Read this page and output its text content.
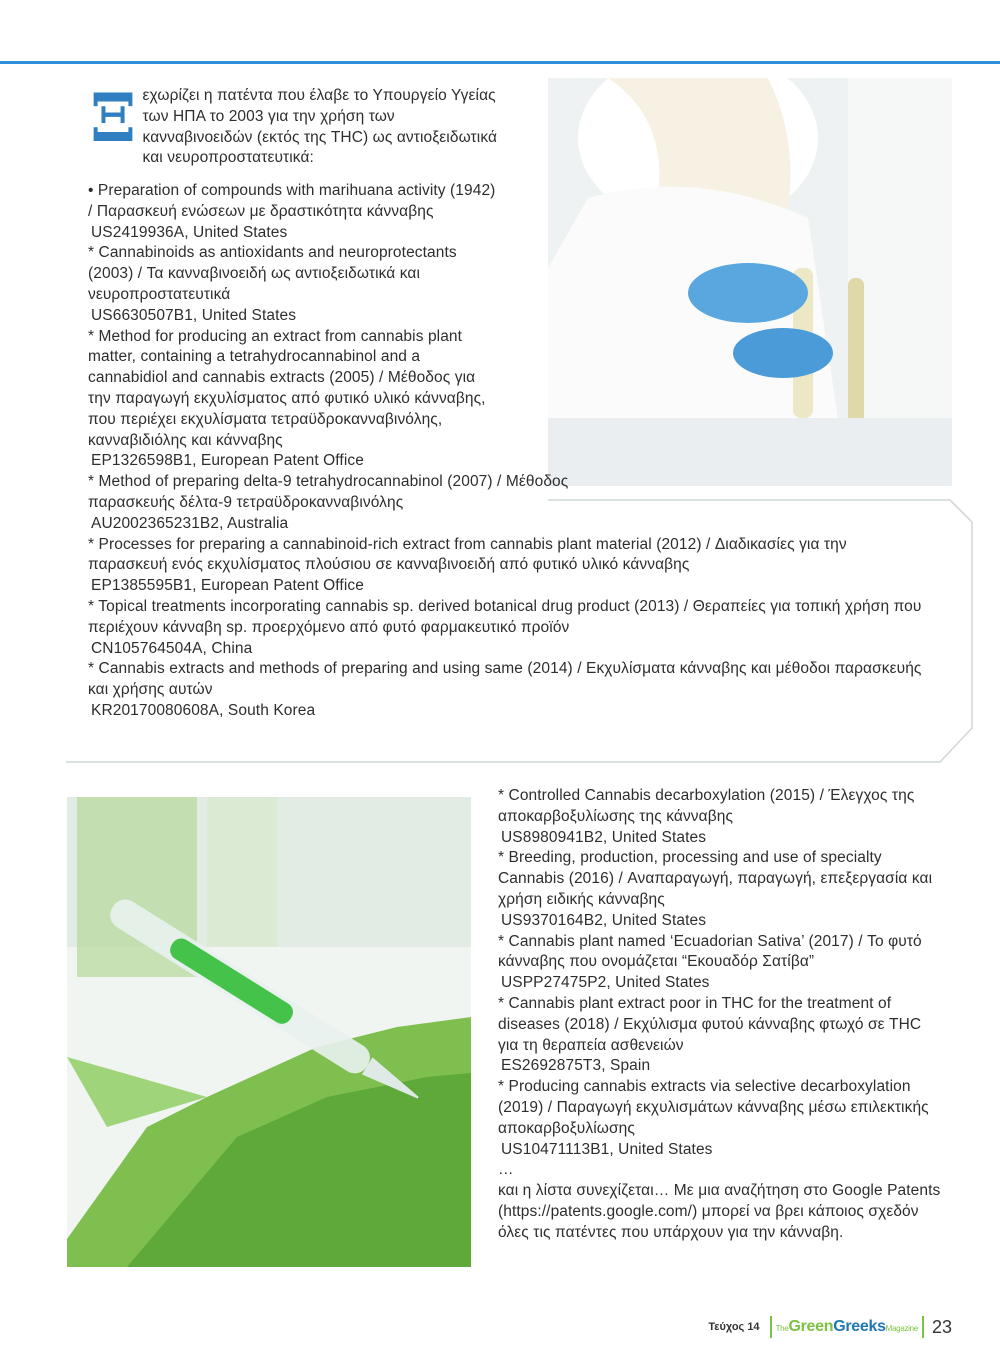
Ξ εχωρίζει η πατέντα που έλαβε το Υπουργείο Υγείας των ΗΠΑ το 2003 για την χρήση των κανναβινοειδών (εκτός της THC) ως αντιοξειδωτικά και νευροπροστατευτικά:

• Preparation of compounds with marihuana activity (1942) / Παρασκευή ενώσεων με δραστικότητα κάνναβης

US2419936A, United States

* Cannabinoids as antioxidants and neuroprotectants (2003) / Τα κανναβινοειδή ως αντιοξειδωτικά και νευροπροστατευτικά

US6630507B1, United States

* Method for producing an extract from cannabis plant matter, containing a tetrahydrocannabinol and a cannabidiol and cannabis extracts (2005) / Μέθοδος για την παραγωγή εκχυλίσματος από φυτικό υλικό κάνναβης, που περιέχει εκχυλίσματα τετραϋδροκανναβινόλης, κανναβιδιόλης και κάνναβης

EP1326598B1, European Patent Office

* Method of preparing delta-9 tetrahydrocannabinol (2007) / Μέθοδος παρασκευής δέλτα-9 τετραϋδροκανναβινόλης

AU2002365231B2, Australia

* Processes for preparing a cannabinoid-rich extract from cannabis plant material (2012) / Διαδικασίες για την παρασκευή ενός εκχυλίσματος πλούσιου σε κανναβινοειδή από φυτικό υλικό κάνναβης

EP1385595B1, European Patent Office

* Topical treatments incorporating cannabis sp. derived botanical drug product (2013) / Θεραπείες για τοπική χρήση που περιέχουν κάνναβη sp. προερχόμενο από φυτό φαρμακευτικό προϊόν

CN105764504A, China

* Cannabis extracts and methods of preparing and using same (2014) / Εκχυλίσματα κάνναβης και μέθοδοι παρασκευής και χρήσης αυτών

KR20170080608A, South Korea

* Controlled Cannabis decarboxylation (2015) / Έλεγχος της αποκαρβοξυλίωσης της κάνναβης

US8980941B2, United States

* Breeding, production, processing and use of specialty Cannabis (2016) / Αναπαραγωγή, παραγωγή, επεξεργασία και χρήση ειδικής κάνναβης

US9370164B2, United States

* Cannabis plant named ‘Ecuadorian Sativa’ (2017) / Το φυτό κάνναβης που ονομάζεται “Εκουαδόρ Σατίβα”

USPP27475P2, United States

* Cannabis plant extract poor in THC for the treatment of diseases (2018) / Εκχύλισμα φυτού κάνναβης φτωχό σε THC για τη θεραπεία ασθενειών

ES2692875T3, Spain

* Producing cannabis extracts via selective decarboxylation (2019) / Παραγωγή εκχυλισμάτων κάνναβης μέσω επιλεκτικής αποκαρβοξυλίωσης

US10471113B1, United States

…

και η λίστα συνεχίζεται… Με μια αναζήτηση στο Google Patents (https://patents.google.com/) μπορεί να βρει κάποιος σχεδόν όλες τις πατέντες που υπάρχουν για την κάνναβη.

Τεύχος 14 TheGreenGreeksMagazine 23
